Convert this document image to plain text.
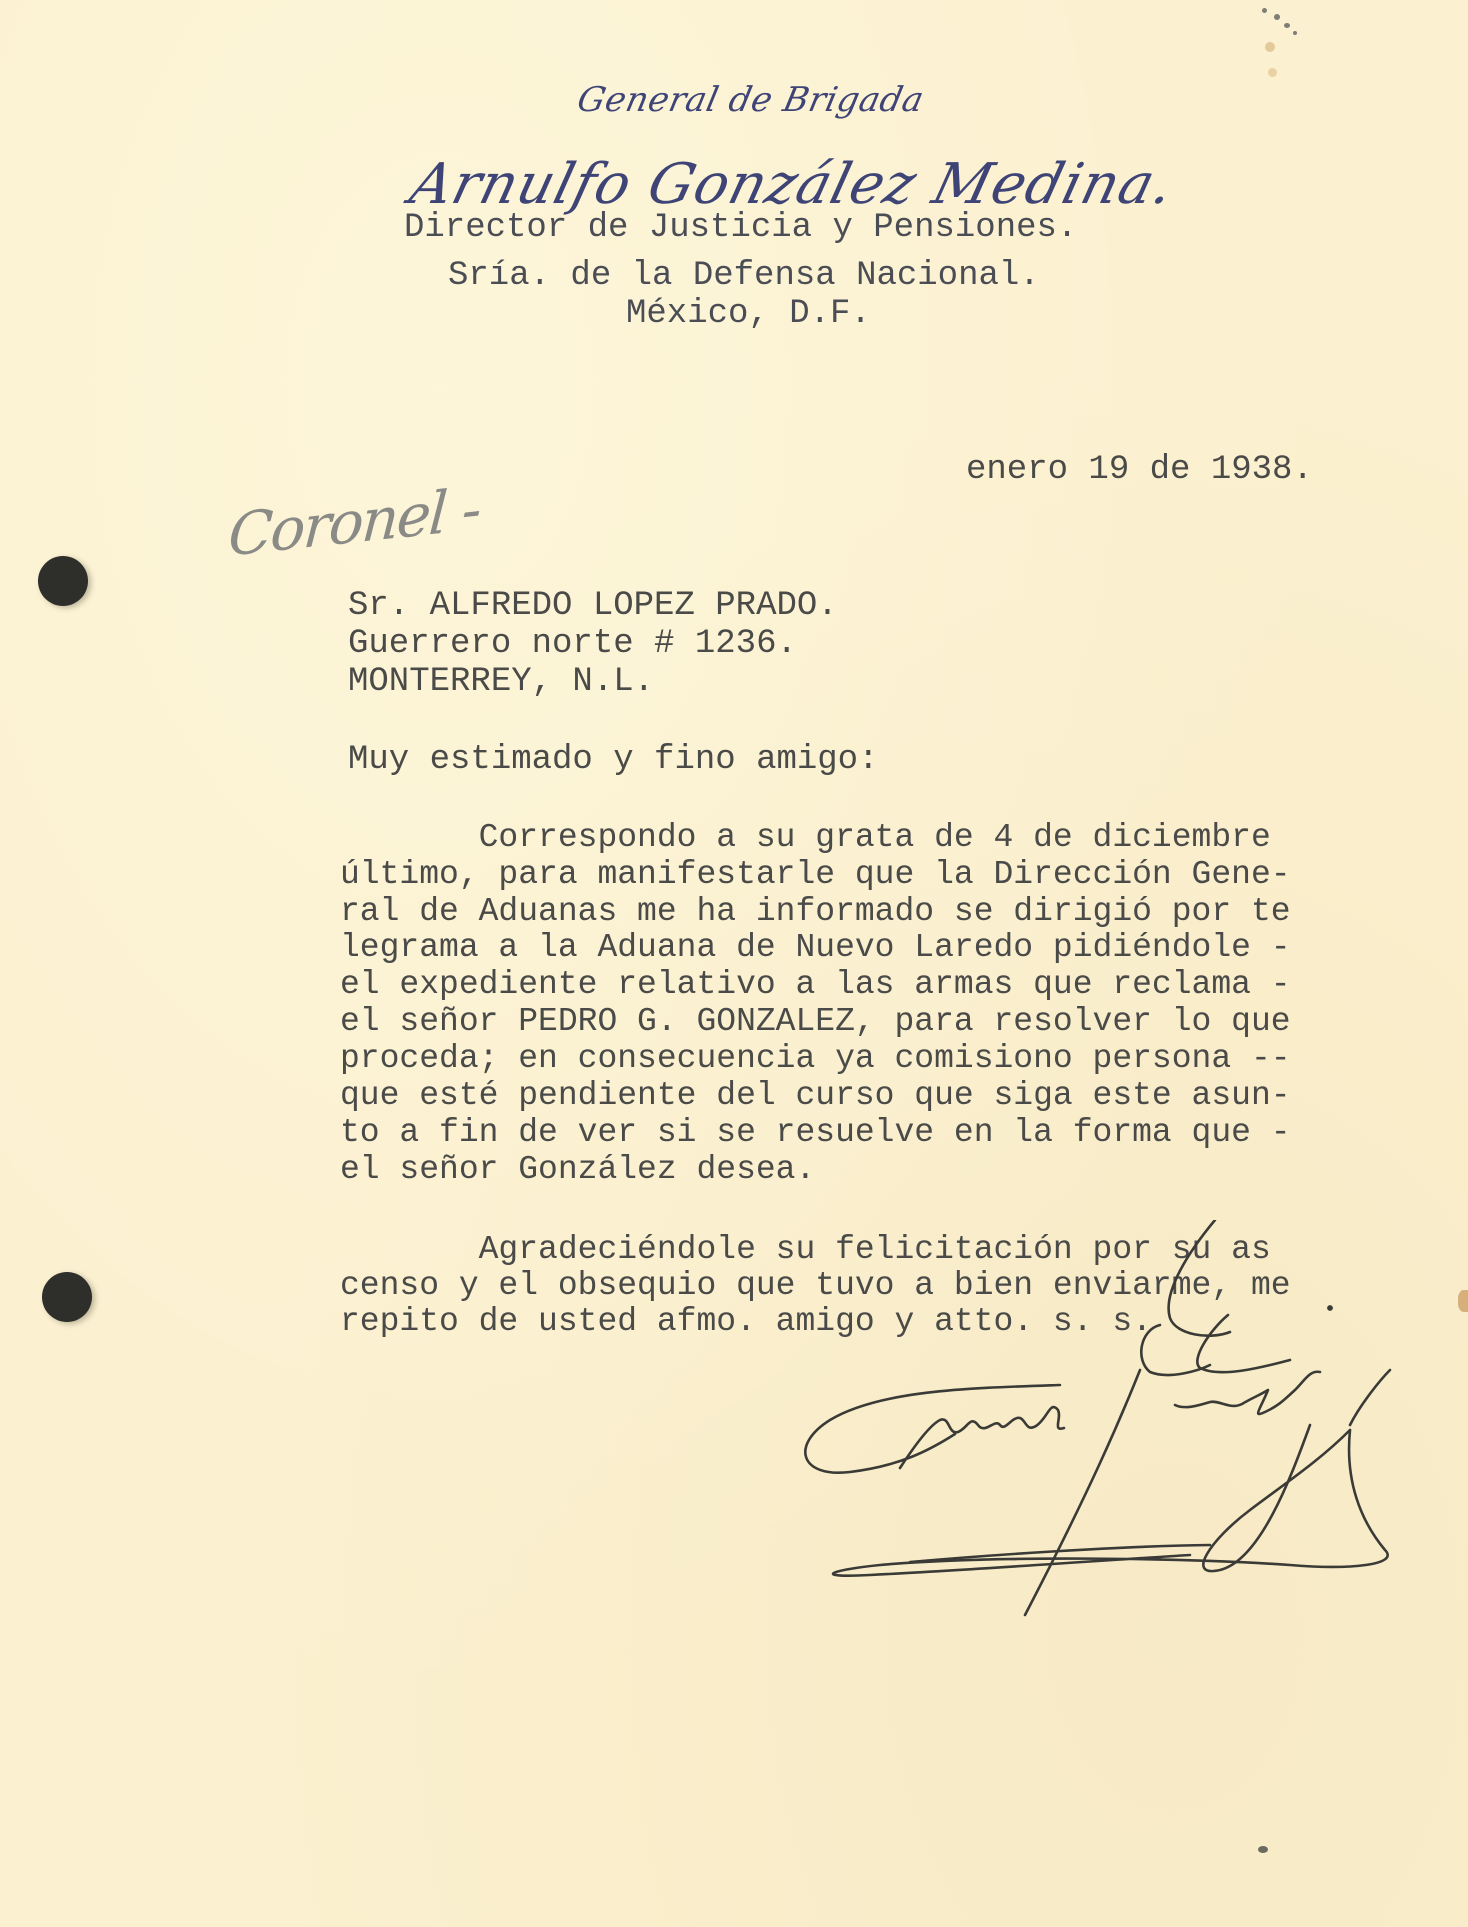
General de Brigada
Arnulfo González Medina.
Director de Justicia y Pensiones.
Sría. de la Defensa Nacional.
México, D.F.
enero 19 de 1938.
Coronel -
Sr. ALFREDO LOPEZ PRADO.
Guerrero norte # 1236.
MONTERREY, N.L.
Muy estimado y fino amigo:
Correspondo a su grata de 4 de diciembre
último, para manifestarle que la Dirección Gene-
ral de Aduanas me ha informado se dirigió por te
legrama a la Aduana de Nuevo Laredo pidiéndole -
el expediente relativo a las armas que reclama -
el señor PEDRO G. GONZALEZ, para resolver lo que
proceda; en consecuencia ya comisiono persona --
que esté pendiente del curso que siga este asun-
to a fin de ver si se resuelve en la forma que -
el señor González desea.
Agradeciéndole su felicitación por su as
censo y el obsequio que tuvo a bien enviarme, me
repito de usted afmo. amigo y atto. s. s.
